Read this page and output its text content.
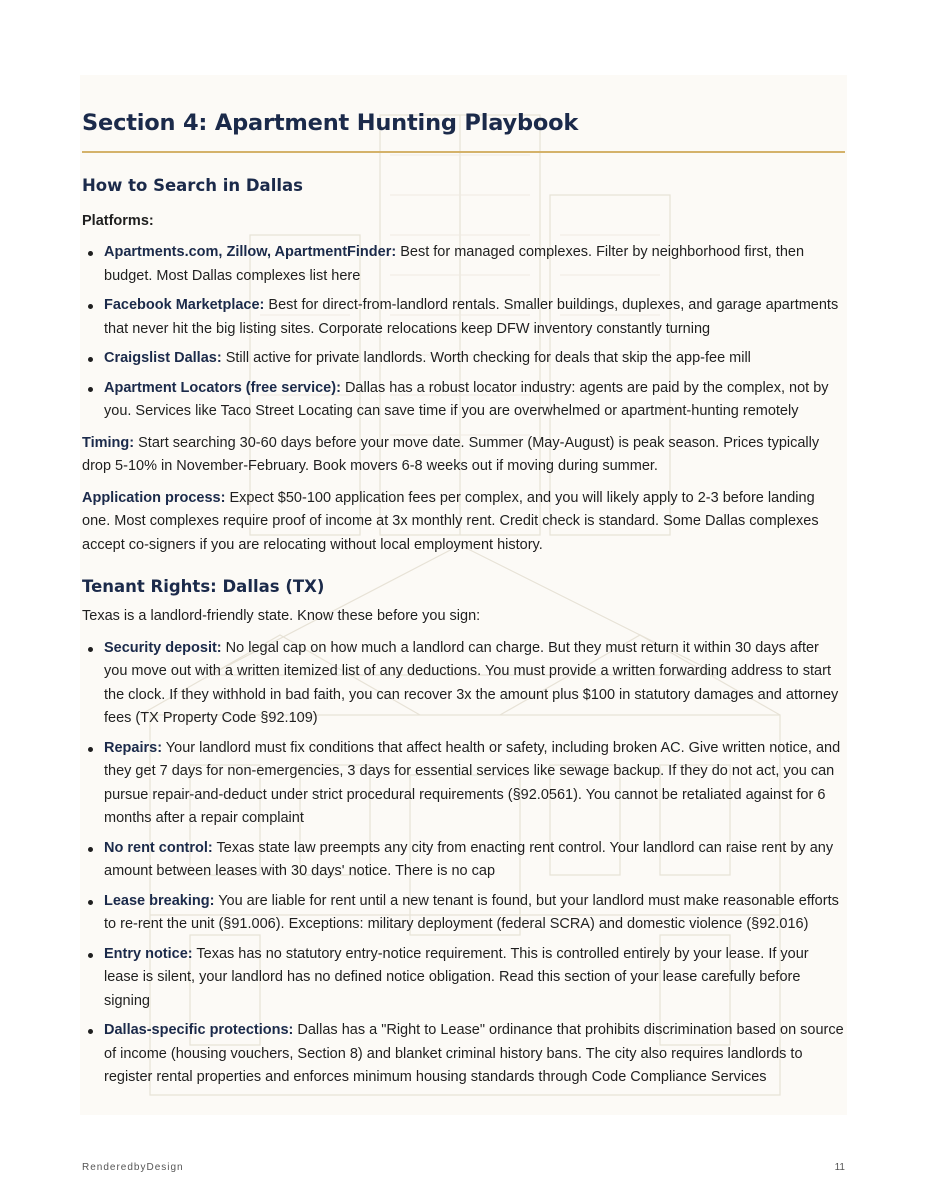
Section 4: Apartment Hunting Playbook
How to Search in Dallas
Platforms:
Apartments.com, Zillow, ApartmentFinder: Best for managed complexes. Filter by neighborhood first, then budget. Most Dallas complexes list here
Facebook Marketplace: Best for direct-from-landlord rentals. Smaller buildings, duplexes, and garage apartments that never hit the big listing sites. Corporate relocations keep DFW inventory constantly turning
Craigslist Dallas: Still active for private landlords. Worth checking for deals that skip the app-fee mill
Apartment Locators (free service): Dallas has a robust locator industry: agents are paid by the complex, not by you. Services like Taco Street Locating can save time if you are overwhelmed or apartment-hunting remotely

Timing: Start searching 30-60 days before your move date. Summer (May-August) is peak season. Prices typically drop 5-10% in November-February. Book movers 6-8 weeks out if moving during summer.

Application process: Expect $50-100 application fees per complex, and you will likely apply to 2-3 before landing one. Most complexes require proof of income at 3x monthly rent. Credit check is standard. Some Dallas complexes accept co-signers if you are relocating without local employment history.

Tenant Rights: Dallas (TX)

Texas is a landlord-friendly state. Know these before you sign:

Security deposit: No legal cap on how much a landlord can charge. But they must return it within 30 days after you move out with a written itemized list of any deductions. You must provide a written forwarding address to start the clock. If they withhold in bad faith, you can recover 3x the amount plus $100 in statutory damages and attorney fees (TX Property Code §92.109)
Repairs: Your landlord must fix conditions that affect health or safety, including broken AC. Give written notice, and they get 7 days for non-emergencies, 3 days for essential services like sewage backup. If they do not act, you can pursue repair-and-deduct under strict procedural requirements (§92.0561). You cannot be retaliated against for 6 months after a repair complaint
No rent control: Texas state law preempts any city from enacting rent control. Your landlord can raise rent by any amount between leases with 30 days' notice. There is no cap
Lease breaking: You are liable for rent until a new tenant is found, but your landlord must make reasonable efforts to re-rent the unit (§91.006). Exceptions: military deployment (federal SCRA) and domestic violence (§92.016)
Entry notice: Texas has no statutory entry-notice requirement. This is controlled entirely by your lease. If your lease is silent, your landlord has no defined notice obligation. Read this section of your lease carefully before signing
Dallas-specific protections: Dallas has a "Right to Lease" ordinance that prohibits discrimination based on source of income (housing vouchers, Section 8) and blanket criminal history bans. The city also requires landlords to register rental properties and enforces minimum housing standards through Code Compliance Services
RenderedbyDesign	11
